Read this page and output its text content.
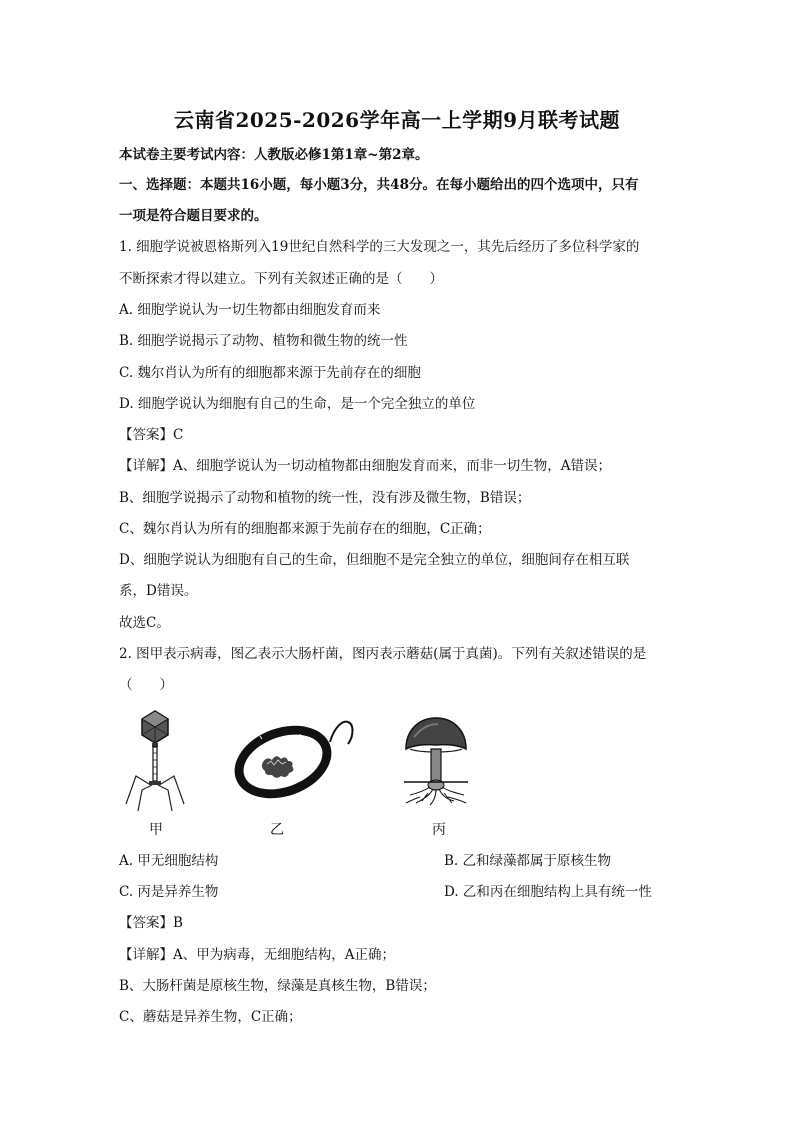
云南省2025-2026学年高一上学期9月联考试题
本试卷主要考试内容：人教版必修1第1章~第2章。
一、选择题：本题共16小题，每小题3分，共48分。在每小题给出的四个选项中，只有
一项是符合题目要求的。
1. 细胞学说被恩格斯列入19世纪自然科学的三大发现之一，其先后经历了多位科学家的
不断探索才得以建立。下列有关叙述正确的是（　　）
A. 细胞学说认为一切生物都由细胞发育而来
B. 细胞学说揭示了动物、植物和微生物的统一性
C. 魏尔肖认为所有的细胞都来源于先前存在的细胞
D. 细胞学说认为细胞有自己的生命，是一个完全独立的单位
【答案】C
【详解】A、细胞学说认为一切动植物都由细胞发育而来，而非一切生物，A错误；
B、细胞学说揭示了动物和植物的统一性，没有涉及微生物，B错误；
C、魏尔肖认为所有的细胞都来源于先前存在的细胞，C正确；
D、细胞学说认为细胞有自己的生命，但细胞不是完全独立的单位，细胞间存在相互联
系，D错误。
故选C。
2. 图甲表示病毒，图乙表示大肠杆菌，图丙表示蘑菇(属于真菌)。下列有关叙述错误的是
（　　）
甲	乙	丙
A. 甲无细胞结构	B. 乙和绿藻都属于原核生物
C. 丙是异养生物	D. 乙和丙在细胞结构上具有统一性
【答案】B
【详解】A、甲为病毒，无细胞结构，A正确；
B、大肠杆菌是原核生物，绿藻是真核生物，B错误；
C、蘑菇是异养生物，C正确；
